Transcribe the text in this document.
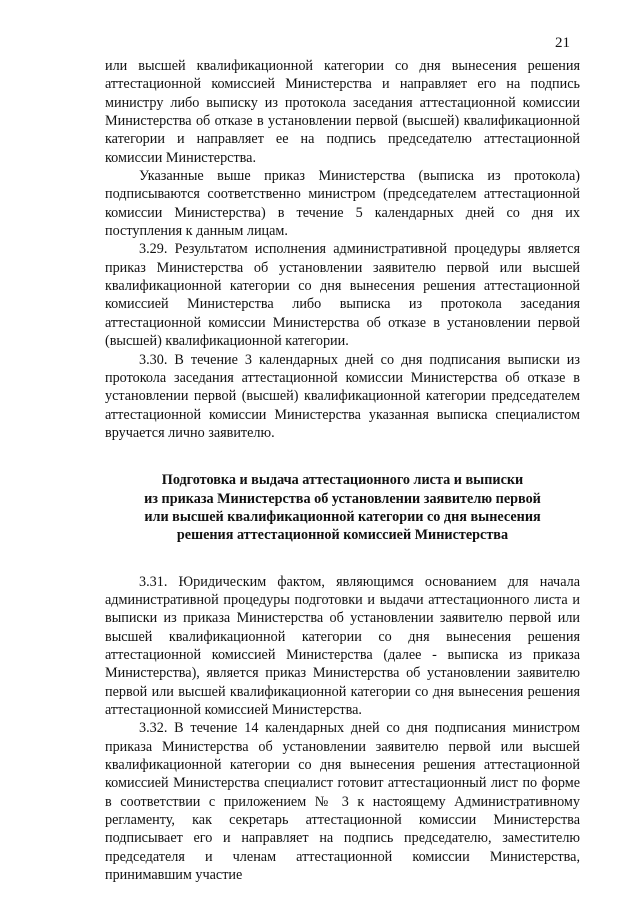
21

или высшей квалификационной категории со дня вынесения решения аттестационной комиссией Министерства и направляет его на подпись министру либо выписку из протокола заседания аттестационной комиссии Министерства об отказе в установлении первой (высшей) квалификационной категории и направляет ее на подпись председателю аттестационной комиссии Министерства.

Указанные выше приказ Министерства (выписка из протокола) подписываются соответственно министром (председателем аттестационной комиссии Министерства) в течение 5 календарных дней со дня их поступления к данным лицам.

3.29. Результатом исполнения административной процедуры является приказ Министерства об установлении заявителю первой или высшей квалификационной категории со дня вынесения решения аттестационной комиссией Министерства либо выписка из протокола заседания аттестационной комиссии Министерства об отказе в установлении первой (высшей) квалификационной категории.

3.30. В течение 3 календарных дней со дня подписания выписки из протокола заседания аттестационной комиссии Министерства об отказе в установлении первой (высшей) квалификационной категории председателем аттестационной комиссии Министерства указанная выписка специалистом вручается лично заявителю.

Подготовка и выдача аттестационного листа и выписки
из приказа Министерства об установлении заявителю первой
или высшей квалификационной категории со дня вынесения
решения аттестационной комиссией Министерства

3.31. Юридическим фактом, являющимся основанием для начала административной процедуры подготовки и выдачи аттестационного листа и выписки из приказа Министерства об установлении заявителю первой или высшей квалификационной категории со дня вынесения решения аттестационной комиссией Министерства (далее - выписка из приказа Министерства), является приказ Министерства об установлении заявителю первой или высшей квалификационной категории со дня вынесения решения аттестационной комиссией Министерства.

3.32. В течение 14 календарных дней со дня подписания министром приказа Министерства об установлении заявителю первой или высшей квалификационной категории со дня вынесения решения аттестационной комиссией Министерства специалист готовит аттестационный лист по форме в соответствии с приложением № 3 к настоящему Административному регламенту, как секретарь аттестационной комиссии Министерства подписывает его и направляет на подпись председателю, заместителю председателя и членам аттестационной комиссии Министерства, принимавшим участие
